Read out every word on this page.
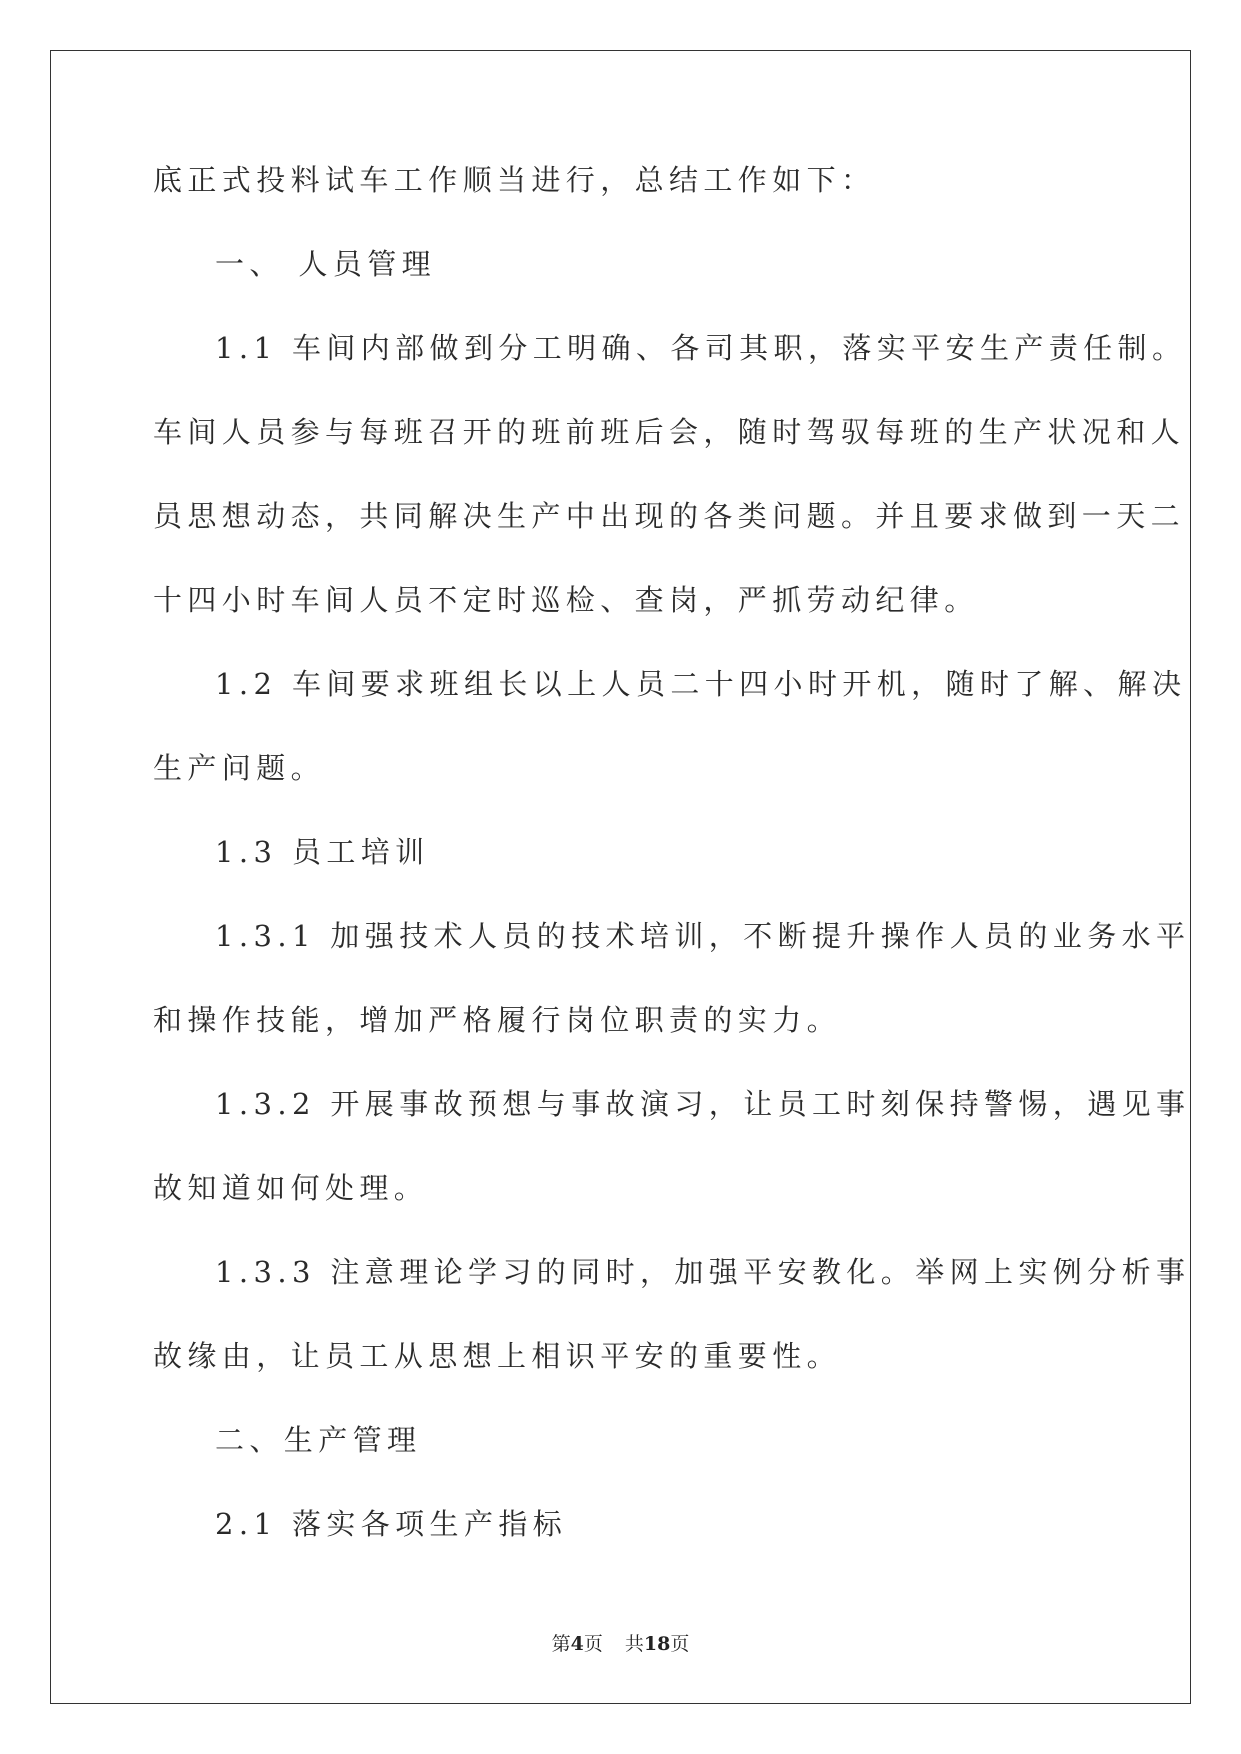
底正式投料试车工作顺当进行，总结工作如下：

一、 人员管理

1.1 车间内部做到分工明确、各司其职，落实平安生产责任制。

车间人员参与每班召开的班前班后会，随时驾驭每班的生产状况和人

员思想动态，共同解决生产中出现的各类问题。并且要求做到一天二

十四小时车间人员不定时巡检、查岗，严抓劳动纪律。

1.2 车间要求班组长以上人员二十四小时开机，随时了解、解决

生产问题。

1.3 员工培训

1.3.1 加强技术人员的技术培训，不断提升操作人员的业务水平

和操作技能，增加严格履行岗位职责的实力。

1.3.2 开展事故预想与事故演习，让员工时刻保持警惕，遇见事

故知道如何处理。

1.3.3 注意理论学习的同时，加强平安教化。举网上实例分析事

故缘由，让员工从思想上相识平安的重要性。

二、生产管理

2.1 落实各项生产指标

第4页 共18页
